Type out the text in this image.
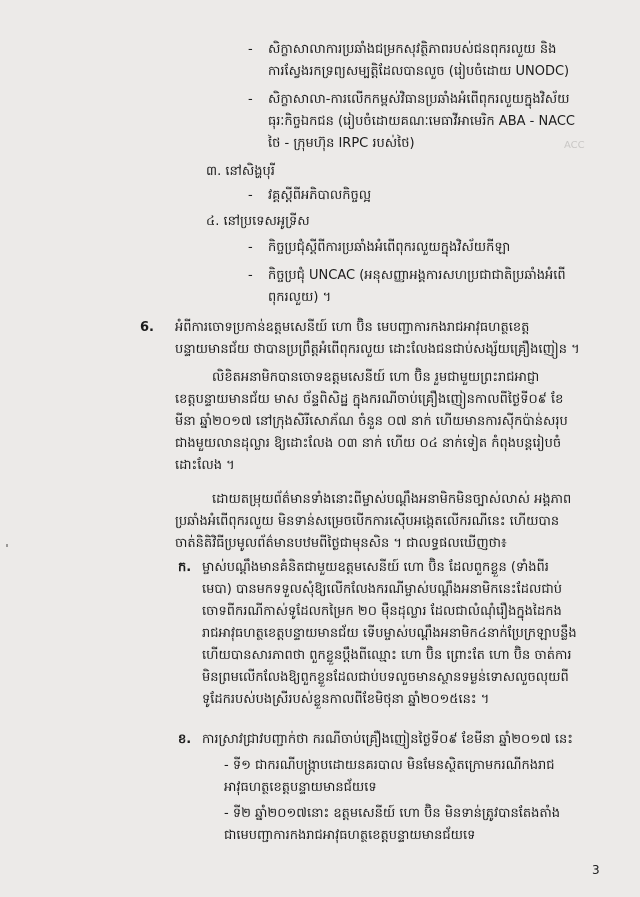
- សិក្ខាសាលាការប្រឆាំងជម្រកសុវត្ថិភាពរបស់ជនពុករលួយ និង
ការស្វែងរកទ្រព្យសម្បត្តិដែលបានលួច (រៀបចំដោយ UNODC)
- សិក្ខាសាលា-ការលើកកម្ពស់វិធានប្រឆាំងអំពើពុករលួយក្នុងវិស័យ
ធុរៈកិច្ចឯកជន (រៀបចំដោយគណៈមេធាវីអាមេរិក ABA - NACC
ថៃ - ក្រុមហ៊ុន IRPC របស់ថៃ)	ACC
៣. នៅសិង្ហបុរី
- វគ្គស្តីពីអភិបាលកិច្ចល្អ
៤. នៅប្រទេសអូទ្រីស
- កិច្ចប្រជុំស្តីពីការប្រឆាំងអំពើពុករលួយក្នុងវិស័យកីឡា
- កិច្ចប្រជុំ UNCAC (អនុសញ្ញាអង្គការសហប្រជាជាតិប្រឆាំងអំពើ
ពុករលួយ) ។
6. អំពីការចោទប្រកាន់ឧត្តមសេនីយ៍ ហោ ប៊ិន មេបញ្ជាការកងរាជអាវុធហត្ថខេត្ត
បន្ទាយមានជ័យ ថាបានប្រព្រឹត្តអំពើពុករលួយ ដោះលែងជនជាប់សង្ស័យគ្រឿងញៀន ។
លិខិតអនាមិកបានចោទឧត្តមសេនីយ៍ ហោ ប៊ិន រួមជាមួយព្រះរាជអាជ្ញា
ខេត្តបន្ទាយមានជ័យ មាស ច័ន្ទពិសិដ្ឋ ក្នុងករណីចាប់គ្រឿងញៀនកាលពីថ្ងៃទី០៩ ខែ
មីនា ឆ្នាំ២០១៧ នៅក្រុងសិរីសោភ័ណ ចំនួន ០៧ នាក់ ហើយមានការស៊ីកប៉ាន់សរុប
ជាងមួយលានដុល្លារ ឱ្យដោះលែង ០៣ នាក់ ហើយ ០៤ នាក់ទៀត កំពុងបន្តរៀបចំ
ដោះលែង ។
ដោយតម្រុយព័ត៌មានទាំងនោះពីម្ចាស់បណ្តឹងអនាមិកមិនច្បាស់លាស់ អង្គភាព
ប្រឆាំងអំពើពុករលួយ មិនទាន់សម្រេចបើកការស៊ើបអង្កេតលើករណីនេះ ហើយបាន
ចាត់និតិវិធីប្រមូលព័ត៌មានបឋមពីថ្ងៃជាមុនសិន ។ ជាលទ្ធផលឃើញថា៖
ក. ម្ចាស់បណ្តឹងមានគំនិតជាមួយឧត្តមសេនីយ៍ ហោ ប៊ិន ដែលពួកខ្លួន (ទាំងពីរ
មេបា) បានមកទទួលសុំឱ្យលើកលែងករណីម្ចាស់បណ្តឹងអនាមិកនេះដែលជាប់
ចោទពីករណីកាស់ទូដែលកម្រៃក ២០ ម៉ឺនដុល្លារ ដែលជាលំណុំរឿងក្នុងដៃកង
រាជអាវុធហត្ថខេត្តបន្ទាយមានជ័យ ទើបម្ចាស់បណ្តឹងអនាមិក៤នាក់ប្រែក្រឡាបន្លឹង
ហើយបានសារភាពថា ពួកខ្លួនប្តឹងពីឈ្មោះ ហោ ប៊ិន ព្រោះតែ ហោ ប៊ិន ចាត់ការ
មិនព្រមលើកលែងឱ្យពួកខ្លួនដែលជាប់បទលួចមានស្ថានទម្ងន់ទោសលួចលុយពី
ទូដែករបស់បងស្រីរបស់ខ្លួនកាលពីខែមិថុនា ឆ្នាំ២០១៥នេះ ។
ខ. ការស្រាវជ្រាវបញ្ជាក់ថា ករណីចាប់គ្រឿងញៀនថ្ងៃទី០៩ ខែមីនា ឆ្នាំ២០១៧ នេះ
- ទី១ ជាករណីបង្ក្រាបដោយនគរបាល មិនមែនស្ថិតក្រោមករណីកងរាជ
អាវុធហត្ថខេត្តបន្ទាយមានជ័យទេ
- ទី២ ឆ្នាំ២០១៧នោះ ឧត្តមសេនីយ៍ ហោ ប៊ិន មិនទាន់ត្រូវបានតែងតាំង
ជាមេបញ្ជាការកងរាជអាវុធហត្ថខេត្តបន្ទាយមានជ័យទេ
3
